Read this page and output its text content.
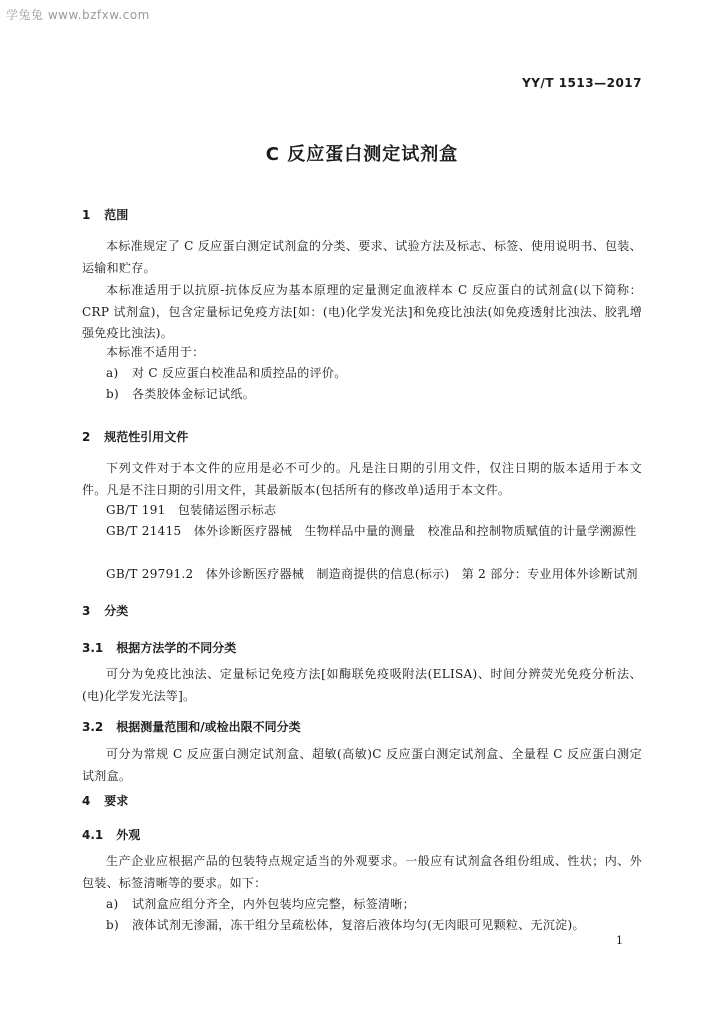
学兔兔 www.bzfxw.com
YY/T 1513—2017
C 反应蛋白测定试剂盒
1 范围
本标准规定了 C 反应蛋白测定试剂盒的分类、要求、试验方法及标志、标签、使用说明书、包装、运输和贮存。
本标准适用于以抗原-抗体反应为基本原理的定量测定血液样本 C 反应蛋白的试剂盒(以下简称：CRP 试剂盒)，包含定量标记免疫方法[如：(电)化学发光法]和免疫比浊法(如免疫透射比浊法、胶乳增强免疫比浊法)。
本标准不适用于：
a) 对 C 反应蛋白校准品和质控品的评价。
b) 各类胶体金标记试纸。
2 规范性引用文件
下列文件对于本文件的应用是必不可少的。凡是注日期的引用文件，仅注日期的版本适用于本文件。凡是不注日期的引用文件，其最新版本(包括所有的修改单)适用于本文件。
GB/T 191　包装储运图示标志
GB/T 21415　体外诊断医疗器械　生物样品中量的测量　校准品和控制物质赋值的计量学溯源性
GB/T 29791.2　体外诊断医疗器械　制造商提供的信息(标示)　第 2 部分：专业用体外诊断试剂
3 分类
3.1 根据方法学的不同分类
可分为免疫比浊法、定量标记免疫方法[如酶联免疫吸附法(ELISA)、时间分辨荧光免疫分析法、(电)化学发光法等]。
3.2 根据测量范围和/或检出限不同分类
可分为常规 C 反应蛋白测定试剂盒、超敏(高敏)C 反应蛋白测定试剂盒、全量程 C 反应蛋白测定试剂盒。
4 要求
4.1 外观
生产企业应根据产品的包装特点规定适当的外观要求。一般应有试剂盒各组份组成、性状；内、外包装、标签清晰等的要求。如下：
a) 试剂盒应组分齐全，内外包装均应完整，标签清晰；
b) 液体试剂无渗漏，冻干组分呈疏松体，复溶后液体均匀(无肉眼可见颗粒、无沉淀)。
1
